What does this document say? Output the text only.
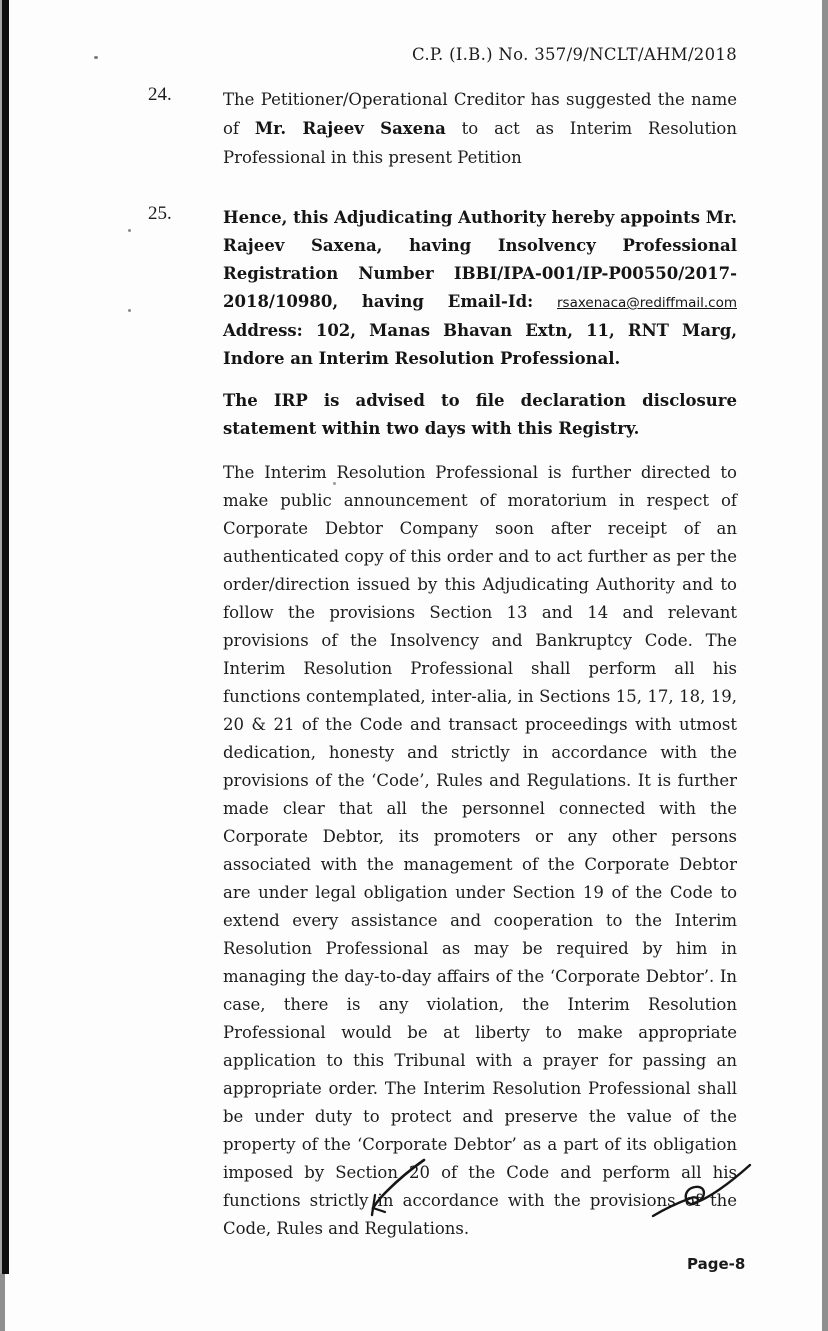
C.P. (I.B.) No. 357/9/NCLT/AHM/2018
24.	The Petitioner/Operational Creditor has suggested the name of Mr. Rajeev Saxena to act as Interim Resolution Professional in this present Petition
25.	Hence, this Adjudicating Authority hereby appoints Mr. Rajeev Saxena, having Insolvency Professional Registration Number IBBI/IPA-001/IP-P00550/2017-2018/10980, having Email-Id: rsaxenaca@rediffmail.com Address: 102, Manas Bhavan Extn, 11, RNT Marg, Indore an Interim Resolution Professional.
The IRP is advised to file declaration disclosure statement within two days with this Registry.
The Interim Resolution Professional is further directed to make public announcement of moratorium in respect of Corporate Debtor Company soon after receipt of an authenticated copy of this order and to act further as per the order/direction issued by this Adjudicating Authority and to follow the provisions Section 13 and 14 and relevant provisions of the Insolvency and Bankruptcy Code. The Interim Resolution Professional shall perform all his functions contemplated, inter-alia, in Sections 15, 17, 18, 19, 20 & 21 of the Code and transact proceedings with utmost dedication, honesty and strictly in accordance with the provisions of the ‘Code’, Rules and Regulations. It is further made clear that all the personnel connected with the Corporate Debtor, its promoters or any other persons associated with the management of the Corporate Debtor are under legal obligation under Section 19 of the Code to extend every assistance and cooperation to the Interim Resolution Professional as may be required by him in managing the day-to-day affairs of the ‘Corporate Debtor’. In case, there is any violation, the Interim Resolution Professional would be at liberty to make appropriate application to this Tribunal with a prayer for passing an appropriate order. The Interim Resolution Professional shall be under duty to protect and preserve the value of the property of the ‘Corporate Debtor’ as a part of its obligation imposed by Section 20 of the Code and perform all his functions strictly in accordance with the provisions of the Code, Rules and Regulations.
Page-8
